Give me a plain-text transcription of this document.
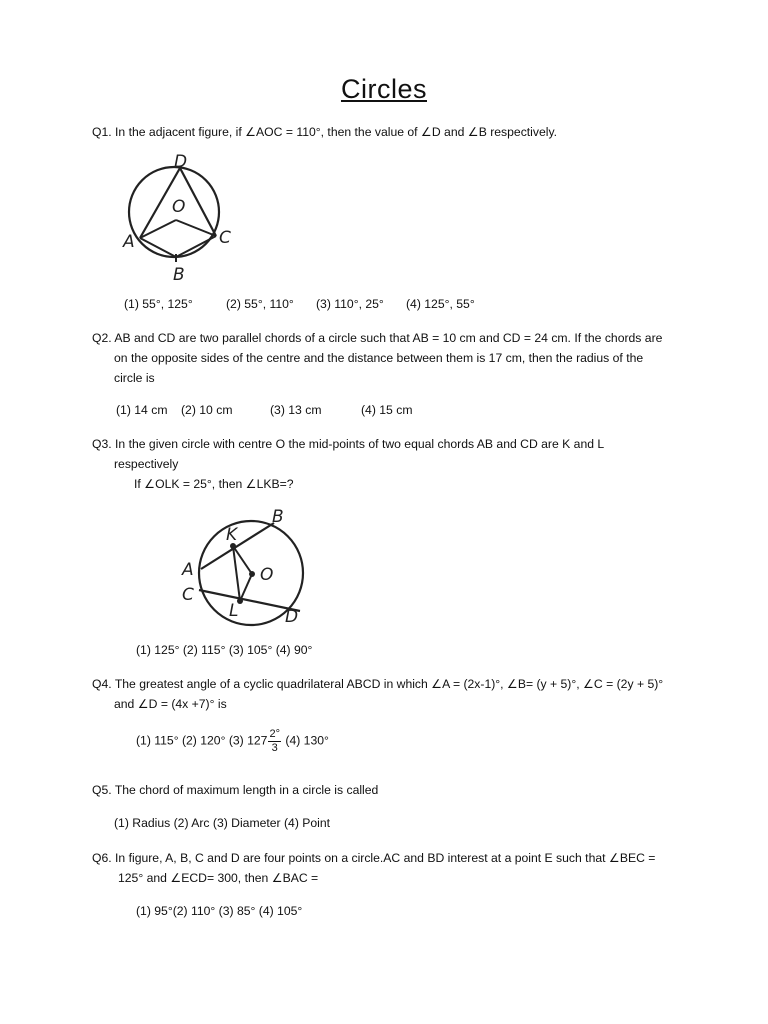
Circles
Q1. In the adjacent figure, if ∠AOC = 110°, then the value of ∠D and ∠B respectively.
D
O
A	C
B
(1) 55°, 125°	(2) 55°, 110° (3) 110°, 25° (4) 125°, 55°
Q2. AB and CD are two parallel chords of a circle such that AB = 10 cm and CD = 24 cm. If the chords are
on the opposite sides of the centre and the distance between them is 17 cm, then the radius of the
circle is
(1) 14 cm (2) 10 cm	(3) 13 cm	(4) 15 cm
Q3. In the given circle with centre O the mid-points of two equal chords AB and CD are K and L
respectively
If ∠OLK = 25°, then ∠LKB=?
K
B
A	O
C
L	D
(1) 125° (2) 115° (3) 105° (4) 90°
Q4. The greatest angle of a cyclic quadrilateral ABCD in which ∠A = (2x-1)°, ∠B= (y + 5)°, ∠C = (2y + 5)°
and ∠D = (4x +7)° is
(1) 115° (2) 120° (3) $127 \frac{2^\circ}{3} (4)$ 130°
Q5. The chord of maximum length in a circle is called
(1) Radius (2) Arc (3) Diameter (4) Point
Q6. In figure, A, B, C and D are four points on a circle.AC and BD interest at a point E such that ∠BEC =
125° and ∠ECD= 300, then ∠BAC =
(1) 95°(2) 110° (3) 85° (4) 105°
